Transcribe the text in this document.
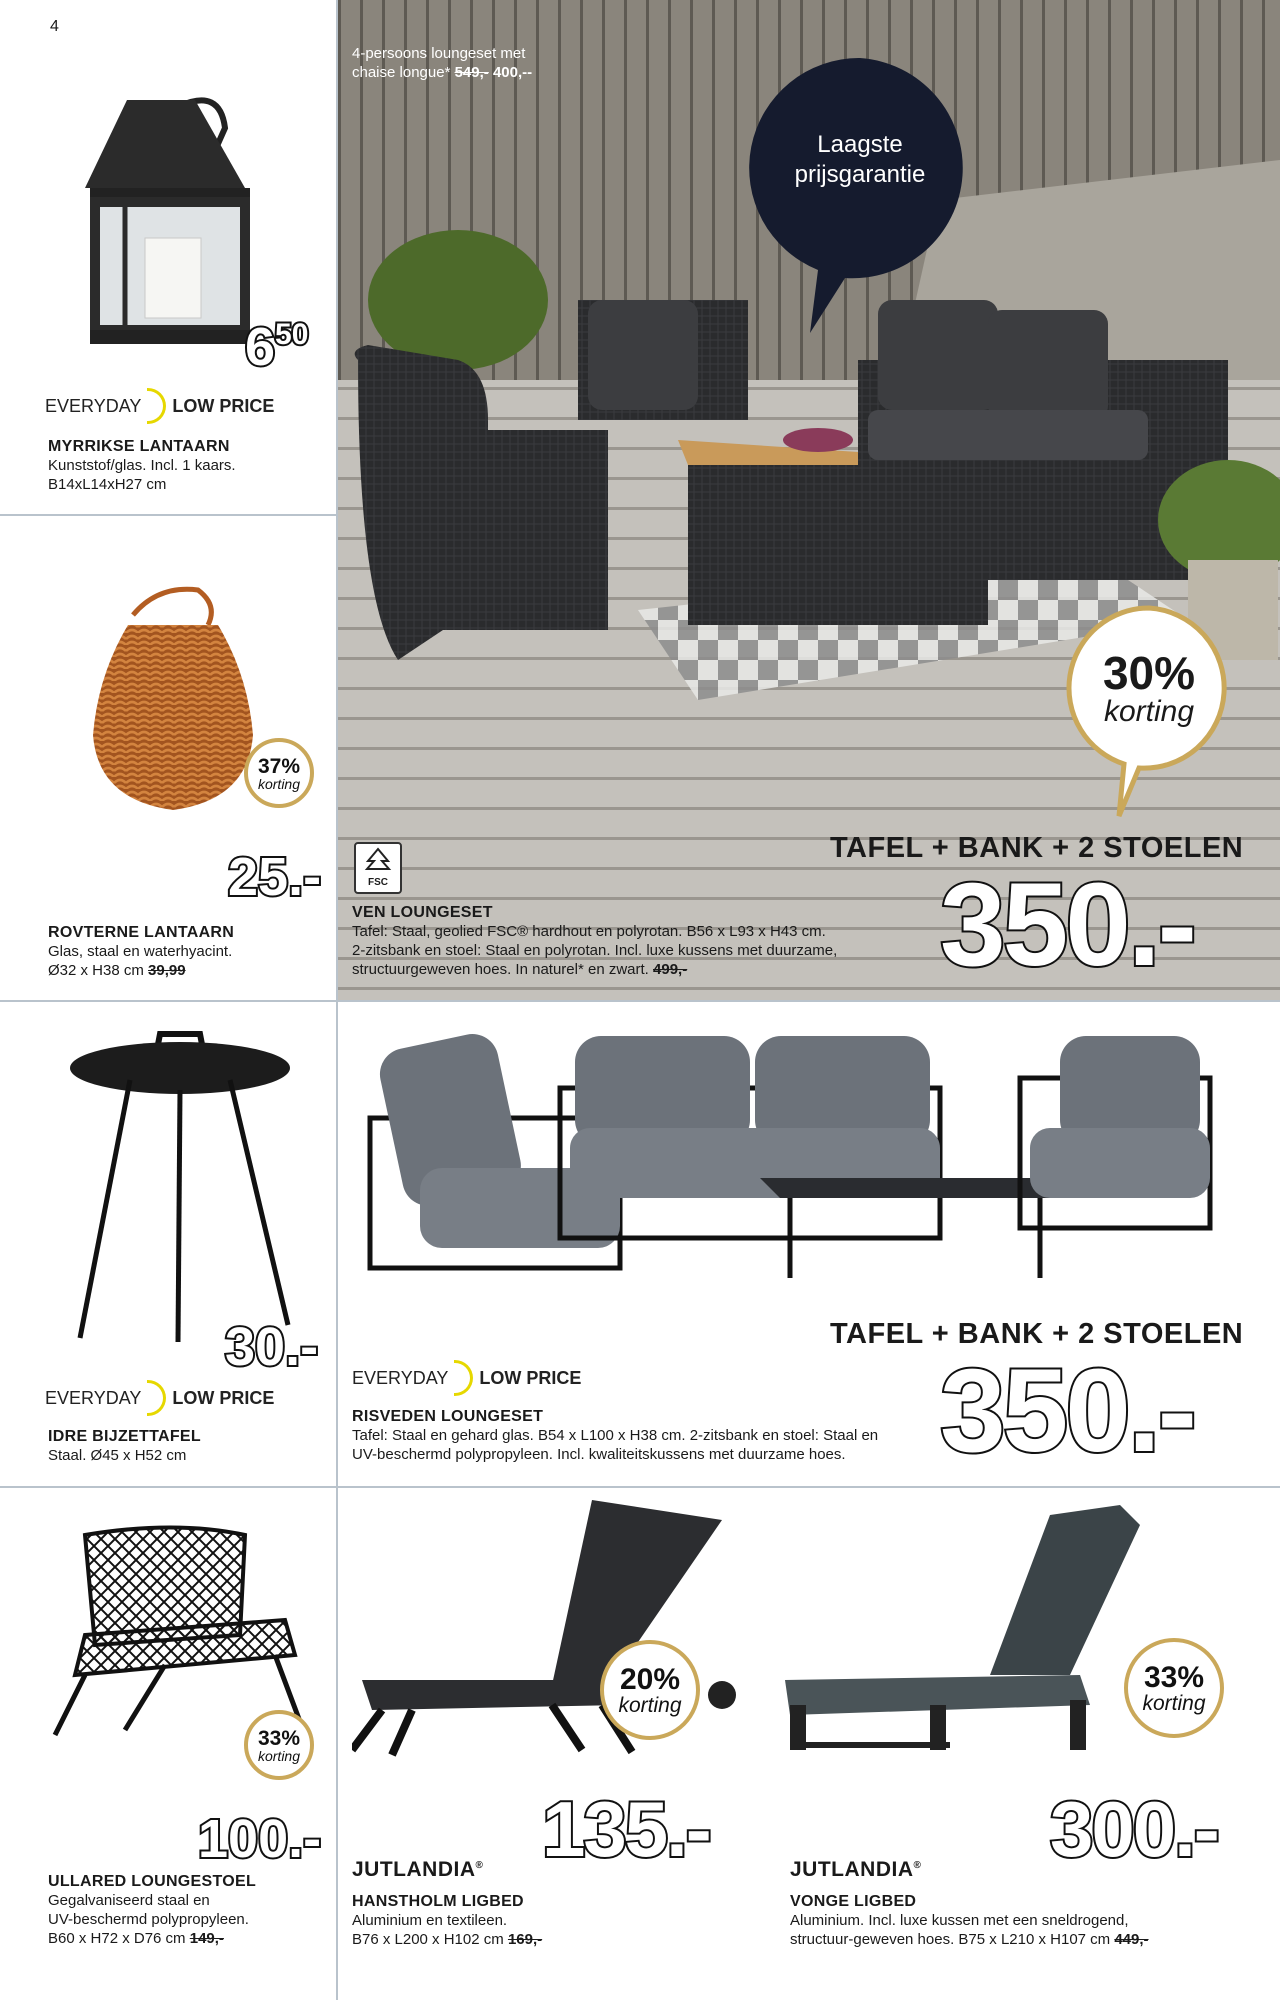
4
$6^{50}$
EVERYDAY LOW PRICE
MYRRIKSE LANTAARN
Kunststof/glas. Incl. 1 kaars.
B14xL14xH27 cm
37%
korting
25.-
ROVTERNE LANTAARN
Glas, staal en waterhyacint.
Ø32 x H38 cm 39,99
4-persoons loungeset met
chaise longue* 549,- 400,--
Laagste
prijsgarantie
30%
korting
FSC
TAFEL + BANK + 2 STOELEN
350.-
VEN LOUNGESET
Tafel: Staal, geolied FSC® hardhout en polyrotan. B56 x L93 x H43 cm.
2-zitsbank en stoel: Staal en polyrotan. Incl. luxe kussens met duurzame,
structuurgeweven hoes. In naturel* en zwart. 499,-
30.-
EVERYDAY LOW PRICE
IDRE BIJZETTAFEL
Staal. Ø45 x H52 cm
TAFEL + BANK + 2 STOELEN
350.-
EVERYDAY LOW PRICE
RISVEDEN LOUNGESET
Tafel: Staal en gehard glas. B54 x L100 x H38 cm. 2-zitsbank en stoel: Staal en
UV-beschermd polypropyleen. Incl. kwaliteitskussens met duurzame hoes.
33%
korting
100.-
ULLARED LOUNGESTOEL
Gegalvaniseerd staal en
UV-beschermd polypropyleen.
B60 x H72 x D76 cm 149,-
20%
korting
135.-
JUTLANDIA®
HANSTHOLM LIGBED
Aluminium en textileen.
B76 x L200 x H102 cm 169,-
33%
korting
300.-
JUTLANDIA®
VONGE LIGBED
Aluminium. Incl. luxe kussen met een sneldrogend,
structuur-geweven hoes. B75 x L210 x H107 cm 449,-
